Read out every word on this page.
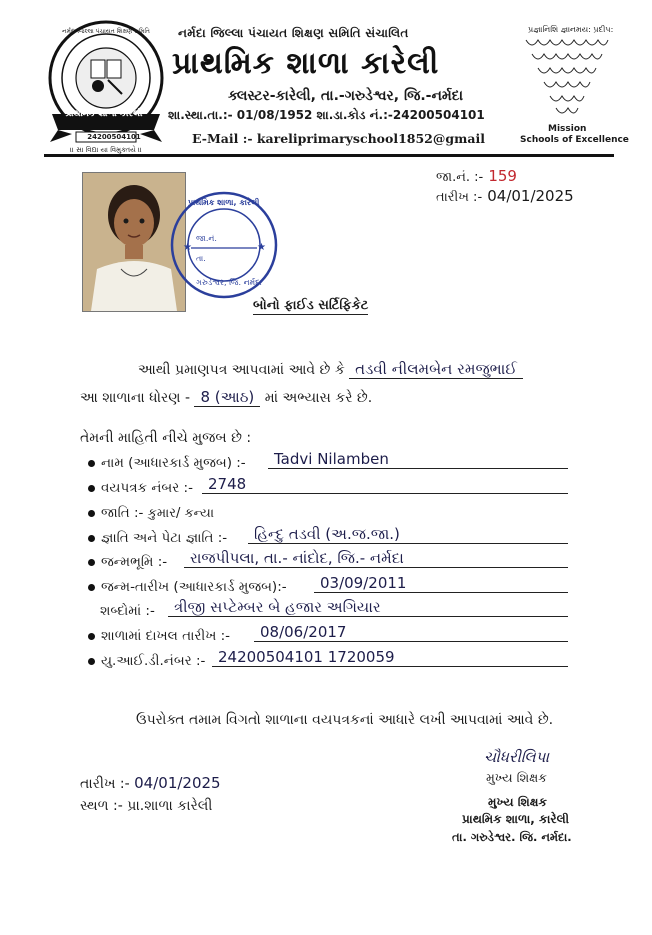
નર્મદા જિલ્લા પંચાયત શિક્ષણ સમિતિ
પ્રાથમિક શાળા કારેલી
24200504101
॥ સા વિદ્યા યા વિમુક્તયે ॥
નર્મદા જિલ્લા પંચાયત શિક્ષણ સમિતિ સંચાલિત
પ્રાથમિક શાળા કારેલી
ક્લસ્ટર-કારેલી, તા.-ગરુડેશ્વર, જિ.-નર્મદા
શા.સ્થા.તા.:- 01/08/1952 શા.ડા.કોડ નં.:-24200504101
E-Mail :- kareliprimaryschool1852@gmail
પ્રજ્ઞાનિશિ જ્ઞાનમય: પ્રદીપ:
Mission
Schools of Excellence
★	★
પ્રાથમિક શાળા, કારેલી
જા.નં.
તા.
ગરુડેશ્વર, જિ. નર્મદા
જા.નં. :- 159
તારીખ :- 04/01/2025
બોનો ફાઈડ સર્ટિફિકેટ
આથી પ્રમાણપત્ર આપવામાં આવે છે કે તડવી નીલમબેન રમજુભાઈ
આ શાળાના ધોરણ - 8 (આઠ) માં અભ્યાસ કરે છે.
તેમની માહિતી નીચે મુજબ છે :
નામ (આધારકાર્ડ મુજબ) :-	Tadvi Nilamben
વયપત્રક નંબર :-	2748
જાતિ :- કુમાર/ કન્યા
જ્ઞાતિ અને પેટા જ્ઞાતિ :-	હિન્દુ તડવી (અ.જ.જા.)
જન્મભૂમિ :-	રાજપીપલા, તા.- નાંદોદ, જિ.- નર્મદા
જન્મ-તારીખ (આધારકાર્ડ મુજબ):-	03/09/2011
શબ્દોમાં :-	ત્રીજી સપ્ટેમ્બર બે હજાર અગિયાર
શાળામાં દાખલ તારીખ :-	08/06/2017
યુ.આઈ.ડી.નંબર :- 24200504101 1720059
ઉપરોક્ત તમામ વિગતો શાળાના વયપત્રકનાં આધારે લખી આપવામાં આવે છે.
તારીખ :- 04/01/2025
સ્થળ :- પ્રા.શાળા કારેલી
ચૌધરીલિપા
મુખ્ય શિક્ષક
મુખ્ય શિક્ષક
પ્રાથમિક શાળા, કારેલી
તા. ગરુડેશ્વર. જિ. નર્મદા.
